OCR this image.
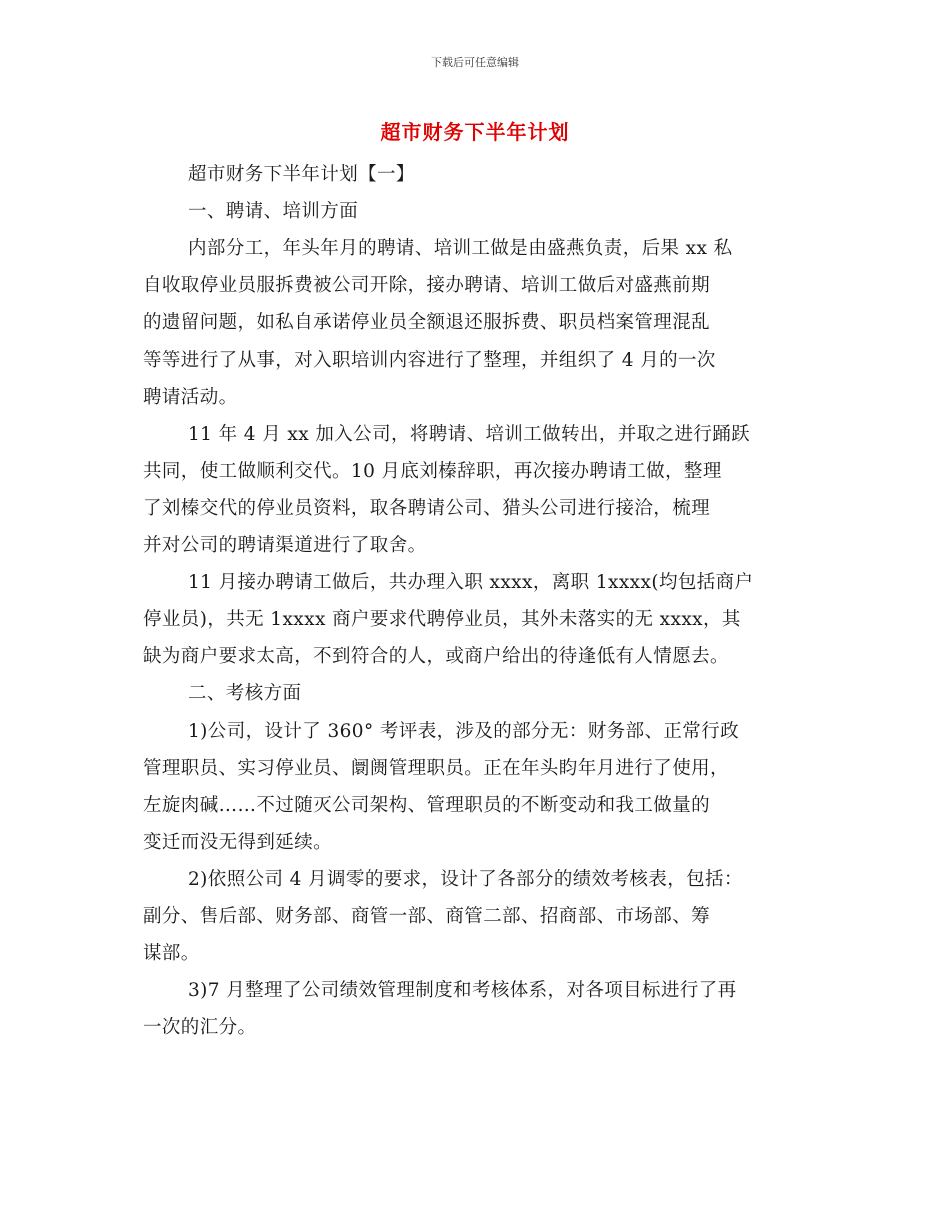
下载后可任意编辑
超市财务下半年计划
超市财务下半年计划【一】
一、聘请、培训方面
内部分工，年头年月的聘请、培训工做是由盛燕负责，后果 xx 私
自收取停业员服拆费被公司开除，接办聘请、培训工做后对盛燕前期
的遗留问题，如私自承诺停业员全额退还服拆费、职员档案管理混乱
等等进行了从事，对入职培训内容进行了整理，并组织了 4 月的一次
聘请活动。
11 年 4 月 xx 加入公司，将聘请、培训工做转出，并取之进行踊跃
共同，使工做顺利交代。10 月底刘榛辞职，再次接办聘请工做，整理
了刘榛交代的停业员资料，取各聘请公司、猎头公司进行接洽，梳理
并对公司的聘请渠道进行了取舍。
11 月接办聘请工做后，共办理入职 xxxx，离职 1xxxx(均包括商户
停业员)，共无 1xxxx 商户要求代聘停业员，其外未落实的无 xxxx，其
缺为商户要求太高，不到符合的人，或商户给出的待逢低有人情愿去。
二、考核方面
1)公司，设计了 360° 考评表，涉及的部分无：财务部、正常行政
管理职员、实习停业员、阛阓管理职员。正在年头盷年月进行了使用，
左旋肉碱……不过随灭公司架构、管理职员的不断变动和我工做量的
变迁而没无得到延续。
2)依照公司 4 月调零的要求，设计了各部分的绩效考核表，包括：
副分、售后部、财务部、商管一部、商管二部、招商部、市场部、筹
谋部。
3)7 月整理了公司绩效管理制度和考核体系，对各项目标进行了再
一次的汇分。
